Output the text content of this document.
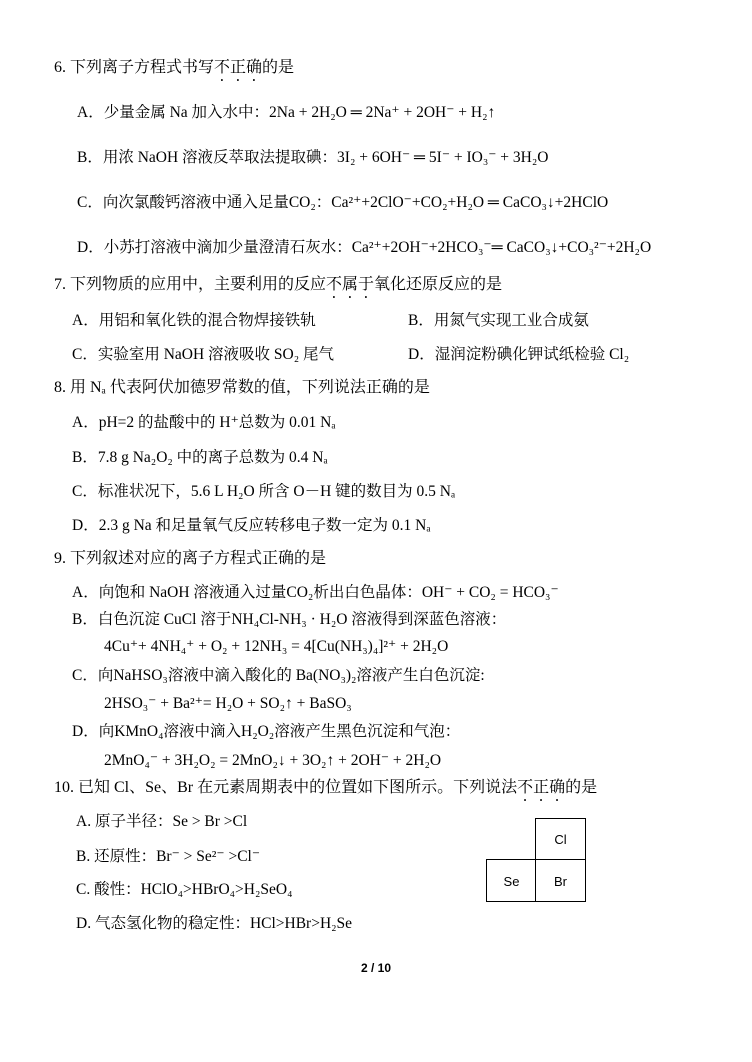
6. 下列离子方程式书写不正确的是
A．少量金属 Na 加入水中：2Na + 2H₂O ═ 2Na⁺ + 2OH⁻ + H₂↑
B．用浓 NaOH 溶液反萃取法提取碘：3I₂ + 6OH⁻ ═ 5I⁻ + IO₃⁻ + 3H₂O
C．向次氯酸钙溶液中通入足量CO₂：Ca²⁺+2ClO⁻+CO₂+H₂O ═ CaCO₃↓+2HClO
D．小苏打溶液中滴加少量澄清石灰水：Ca²⁺+2OH⁻+2HCO₃⁻═ CaCO₃↓+CO₃²⁻+2H₂O
7. 下列物质的应用中，主要利用的反应不属于氧化还原反应的是
A．用铝和氧化铁的混合物焊接铁轨	B．用氮气实现工业合成氨
C．实验室用 NaOH 溶液吸收 SO₂ 尾气	D．湿润淀粉碘化钾试纸检验 Cl₂
8. 用 Nₐ 代表阿伏加德罗常数的值，下列说法正确的是
A．pH=2 的盐酸中的 H⁺总数为 0.01 Nₐ
B．7.8 g Na₂O₂ 中的离子总数为 0.4 Nₐ
C．标准状况下，5.6 L H₂O 所含 O－H 键的数目为 0.5 Nₐ
D．2.3 g Na 和足量氧气反应转移电子数一定为 0.1 Nₐ
9. 下列叙述对应的离子方程式正确的是
A．向饱和 NaOH 溶液通入过量CO₂析出白色晶体：OH⁻ + CO₂ = HCO₃⁻
B．白色沉淀 CuCl 溶于NH₄Cl-NH₃ · H₂O 溶液得到深蓝色溶液：
4Cu⁺+ 4NH₄⁺ + O₂ + 12NH₃ = 4[Cu(NH₃)₄]²⁺ + 2H₂O
C．向NaHSO₃溶液中滴入酸化的 Ba(NO₃)₂溶液产生白色沉淀:
2HSO₃⁻ + Ba²⁺= H₂O + SO₂↑ + BaSO₃
D．向KMnO₄溶液中滴入H₂O₂溶液产生黑色沉淀和气泡：
2MnO₄⁻ + 3H₂O₂ = 2MnO₂↓ + 3O₂↑ + 2OH⁻ + 2H₂O
10. 已知 Cl、Se、Br 在元素周期表中的位置如下图所示。下列说法不正确的是
A. 原子半径：Se > Br >Cl
B. 还原性：Br⁻ > Se²⁻ >Cl⁻
C. 酸性：HClO₄>HBrO₄>H₂SeO₄
D. 气态氢化物的稳定性：HCl>HBr>H₂Se
Cl
Br
Se
2 / 10
